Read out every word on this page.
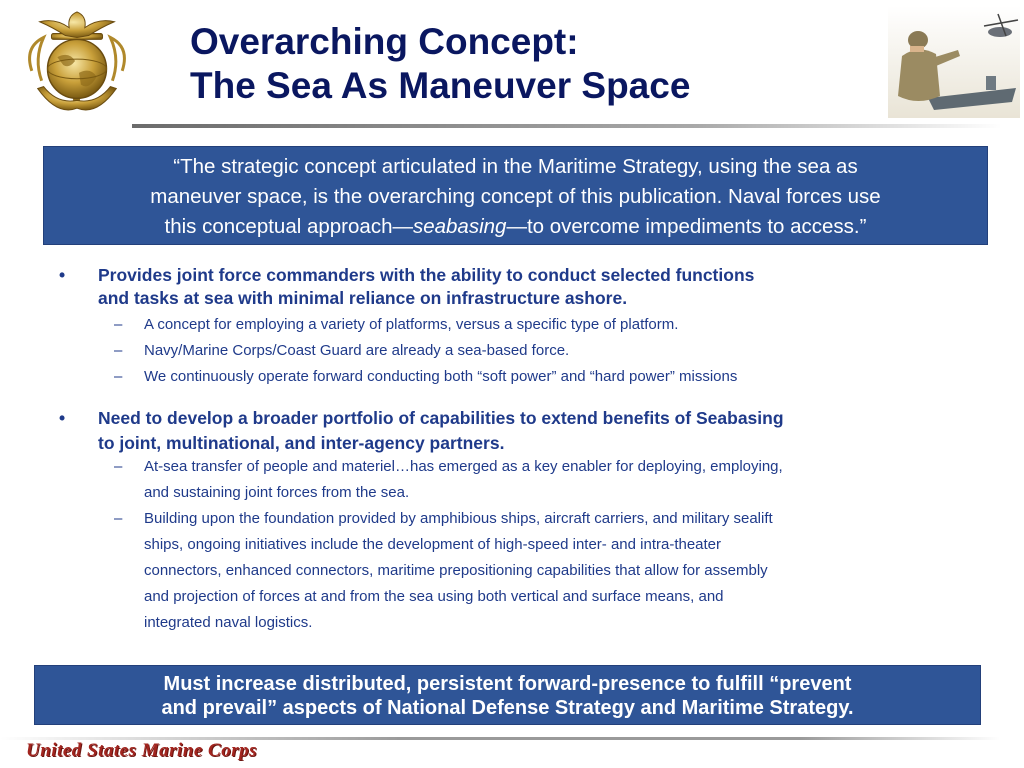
Overarching Concept:
The Sea As Maneuver Space
“The strategic concept articulated in the Maritime Strategy, using the sea as
maneuver space, is the overarching concept of this publication. Naval forces use
this conceptual approach—seabasing—to overcome impediments to access.”
• Provides joint force commanders with the ability to conduct selected functions
and tasks at sea with minimal reliance on infrastructure ashore.
– A concept for employing a variety of platforms, versus a specific type of platform.
– Navy/Marine Corps/Coast Guard are already a sea-based force.
– We continuously operate forward conducting both “soft power” and “hard power” missions
• Need to develop a broader portfolio of capabilities to extend benefits of Seabasing
to joint, multinational, and inter-agency partners.
– At-sea transfer of people and materiel…has emerged as a key enabler for deploying, employing,
and sustaining joint forces from the sea.
– Building upon the foundation provided by amphibious ships, aircraft carriers, and military sealift
ships, ongoing initiatives include the development of high-speed inter- and intra-theater
connectors, enhanced connectors, maritime prepositioning capabilities that allow for assembly
and projection of forces at and from the sea using both vertical and surface means, and
integrated naval logistics.
Must increase distributed, persistent forward-presence to fulfill “prevent
and prevail” aspects of National Defense Strategy and Maritime Strategy.
United States Marine Corps
